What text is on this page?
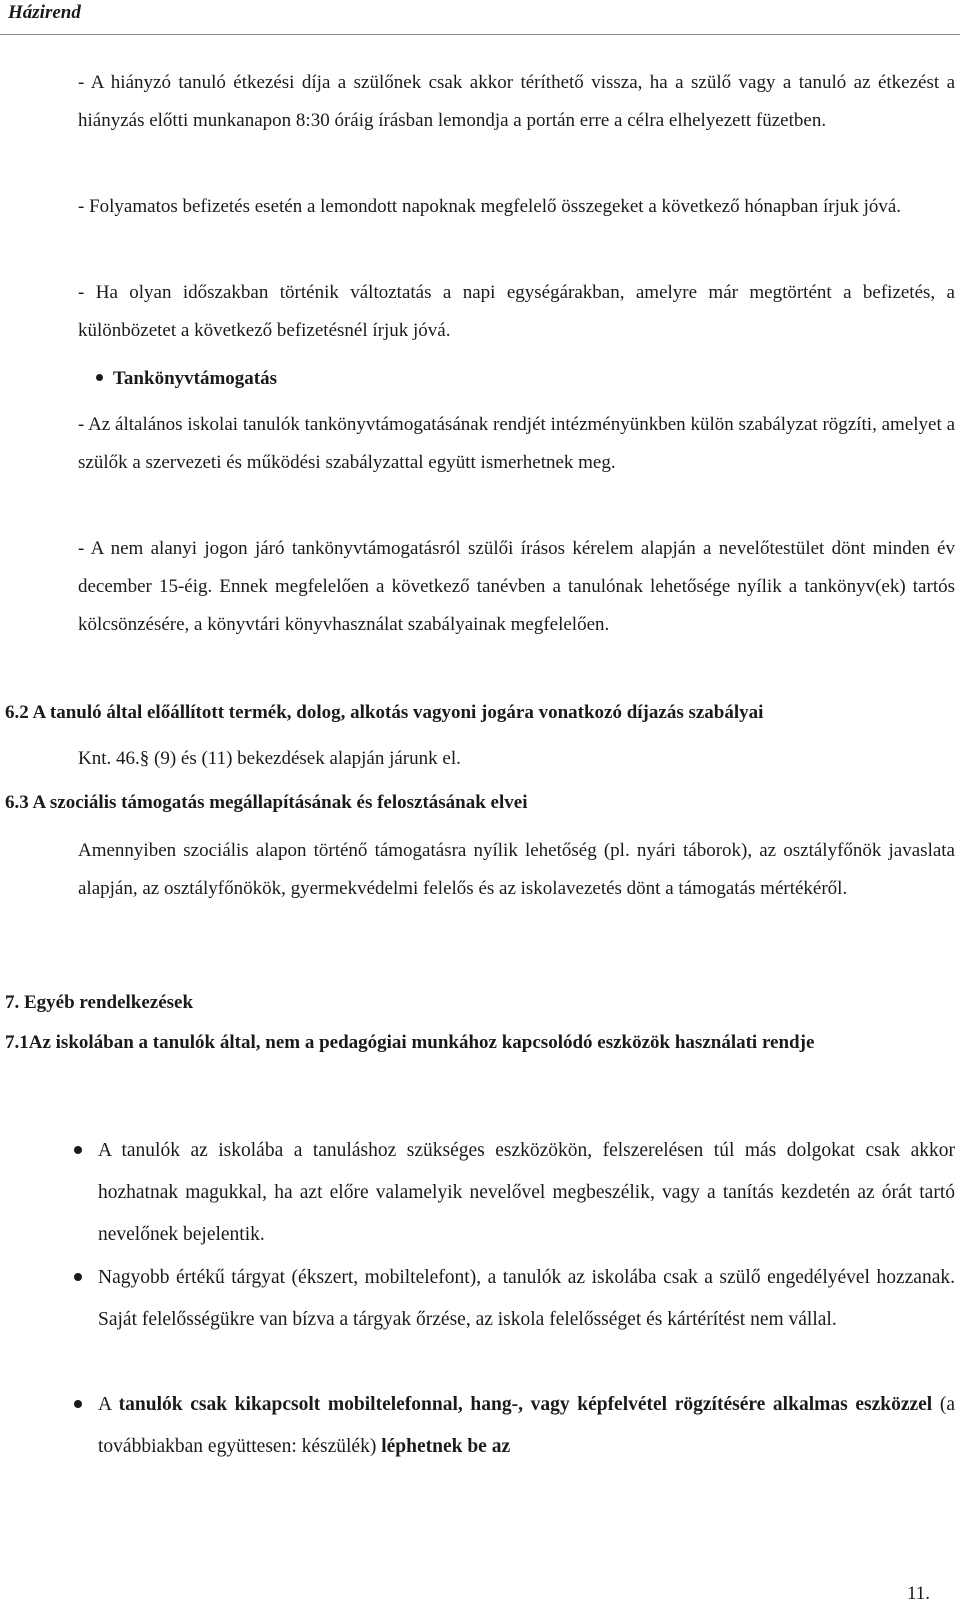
Házirend

- A hiányzó tanuló étkezési díja a szülőnek csak akkor téríthető vissza, ha a szülő vagy a tanuló az étkezést a hiányzás előtti munkanapon 8:30 óráig írásban lemondja a portán erre a célra elhelyezett füzetben.

- Folyamatos befizetés esetén a lemondott napoknak megfelelő összegeket a következő hónapban írjuk jóvá.

- Ha olyan időszakban történik változtatás a napi egységárakban, amelyre már megtörtént a befizetés, a különbözetet a következő befizetésnél írjuk jóvá.

Tankönyvtámogatás

- Az általános iskolai tanulók tankönyvtámogatásának rendjét intézményünkben külön szabályzat rögzíti, amelyet a szülők a szervezeti és működési szabályzattal együtt ismerhetnek meg.

- A nem alanyi jogon járó tankönyvtámogatásról szülői írásos kérelem alapján a nevelőtestület dönt minden év december 15-éig. Ennek megfelelően a következő tanévben a tanulónak lehetősége nyílik a tankönyv(ek) tartós kölcsönzésére, a könyvtári könyvhasználat szabályainak megfelelően.

6.2 A tanuló által előállított termék, dolog, alkotás vagyoni jogára vonatkozó díjazás szabályai

Knt. 46.§ (9) és (11) bekezdések alapján járunk el.

6.3 A szociális támogatás megállapításának és felosztásának elvei

Amennyiben szociális alapon történő támogatásra nyílik lehetőség (pl. nyári táborok), az osztályfőnök javaslata alapján, az osztályfőnökök, gyermekvédelmi felelős és az iskolavezetés dönt a támogatás mértékéről.

7. Egyéb rendelkezések

7.1Az iskolában a tanulók által, nem a pedagógiai munkához kapcsolódó eszközök használati rendje

A tanulók az iskolába a tanuláshoz szükséges eszközökön, felszerelésen túl más dolgokat csak akkor hozhatnak magukkal, ha azt előre valamelyik nevelővel megbeszélik, vagy a tanítás kezdetén az órát tartó nevelőnek bejelentik.

Nagyobb értékű tárgyat (ékszert, mobiltelefont), a tanulók az iskolába csak a szülő engedélyével hozzanak. Saját felelősségükre van bízva a tárgyak őrzése, az iskola felelősséget és kártérítést nem vállal.

A tanulók csak kikapcsolt mobiltelefonnal, hang-, vagy képfelvétel rögzítésére alkalmas eszközzel (a továbbiakban együttesen: készülék) léphetnek be az

11.
